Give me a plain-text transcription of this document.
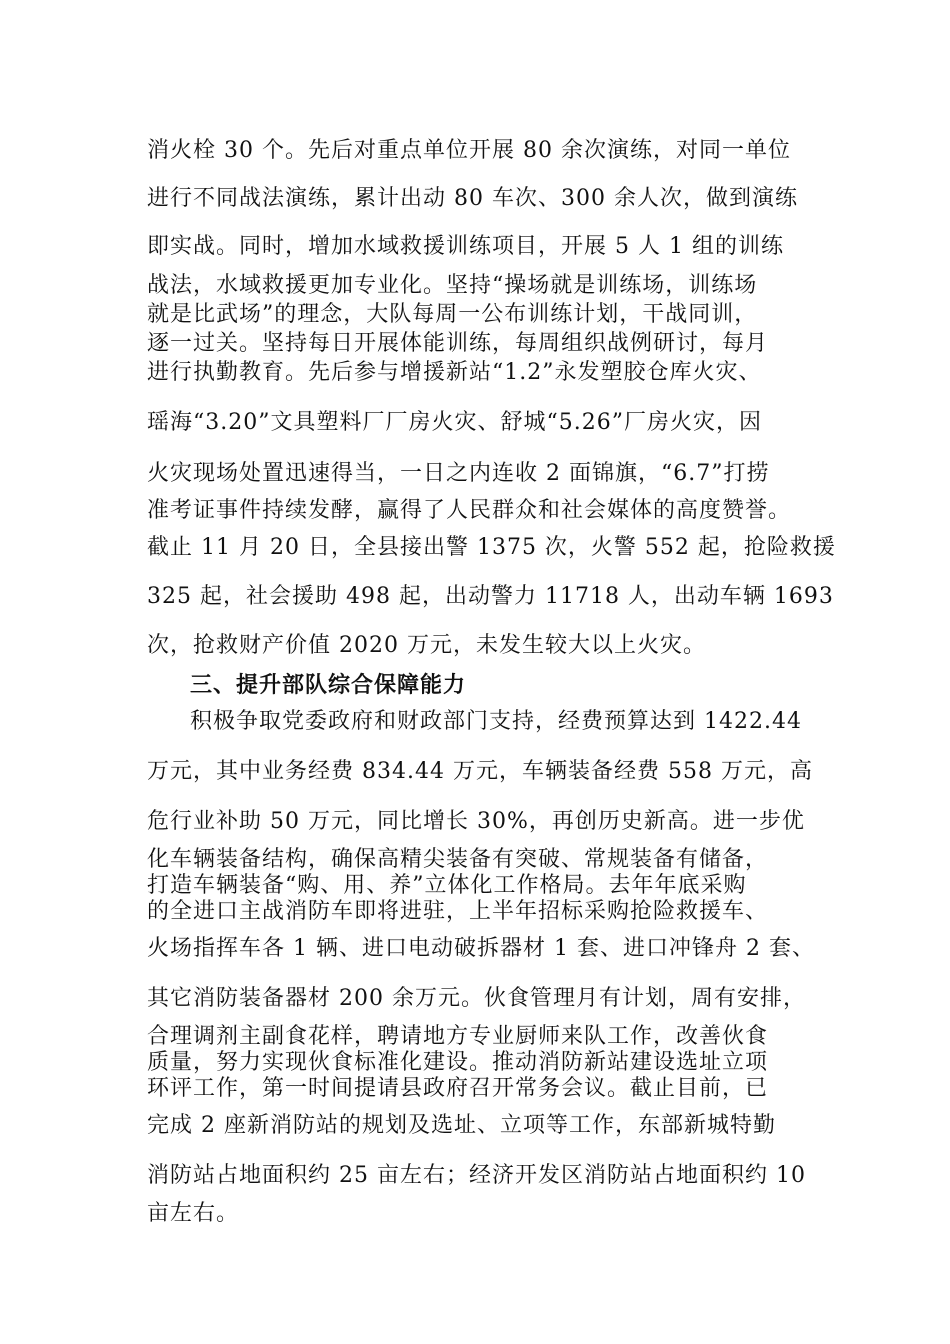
消火栓 30 个。先后对重点单位开展 80 余次演练，对同一单位
进行不同战法演练，累计出动 80 车次、300 余人次，做到演练
即实战。同时，增加水域救援训练项目，开展 5 人 1 组的训练
战法，水域救援更加专业化。坚持“操场就是训练场，训练场
就是比武场”的理念，大队每周一公布训练计划，干战同训，
逐一过关。坚持每日开展体能训练，每周组织战例研讨，每月
进行执勤教育。先后参与增援新站“1.2”永发塑胶仓库火灾、
瑶海“3.20”文具塑料厂厂房火灾、舒城“5.26”厂房火灾，因
火灾现场处置迅速得当，一日之内连收 2 面锦旗，“6.7”打捞
准考证事件持续发酵，赢得了人民群众和社会媒体的高度赞誉。
截止 11 月 20 日，全县接出警 1375 次，火警 552 起，抢险救援
325 起，社会援助 498 起，出动警力 11718 人，出动车辆 1693
次，抢救财产价值 2020 万元，未发生较大以上火灾。
三、提升部队综合保障能力
积极争取党委政府和财政部门支持，经费预算达到 1422.44
万元，其中业务经费 834.44 万元，车辆装备经费 558 万元，高
危行业补助 50 万元，同比增长 30%，再创历史新高。进一步优
化车辆装备结构，确保高精尖装备有突破、常规装备有储备，
打造车辆装备“购、用、养”立体化工作格局。去年年底采购
的全进口主战消防车即将进驻，上半年招标采购抢险救援车、
火场指挥车各 1 辆、进口电动破拆器材 1 套、进口冲锋舟 2 套、
其它消防装备器材 200 余万元。伙食管理月有计划，周有安排，
合理调剂主副食花样，聘请地方专业厨师来队工作，改善伙食
质量，努力实现伙食标准化建设。推动消防新站建设选址立项
环评工作，第一时间提请县政府召开常务会议。截止目前，已
完成 2 座新消防站的规划及选址、立项等工作，东部新城特勤
消防站占地面积约 25 亩左右；经济开发区消防站占地面积约 10
亩左右。
